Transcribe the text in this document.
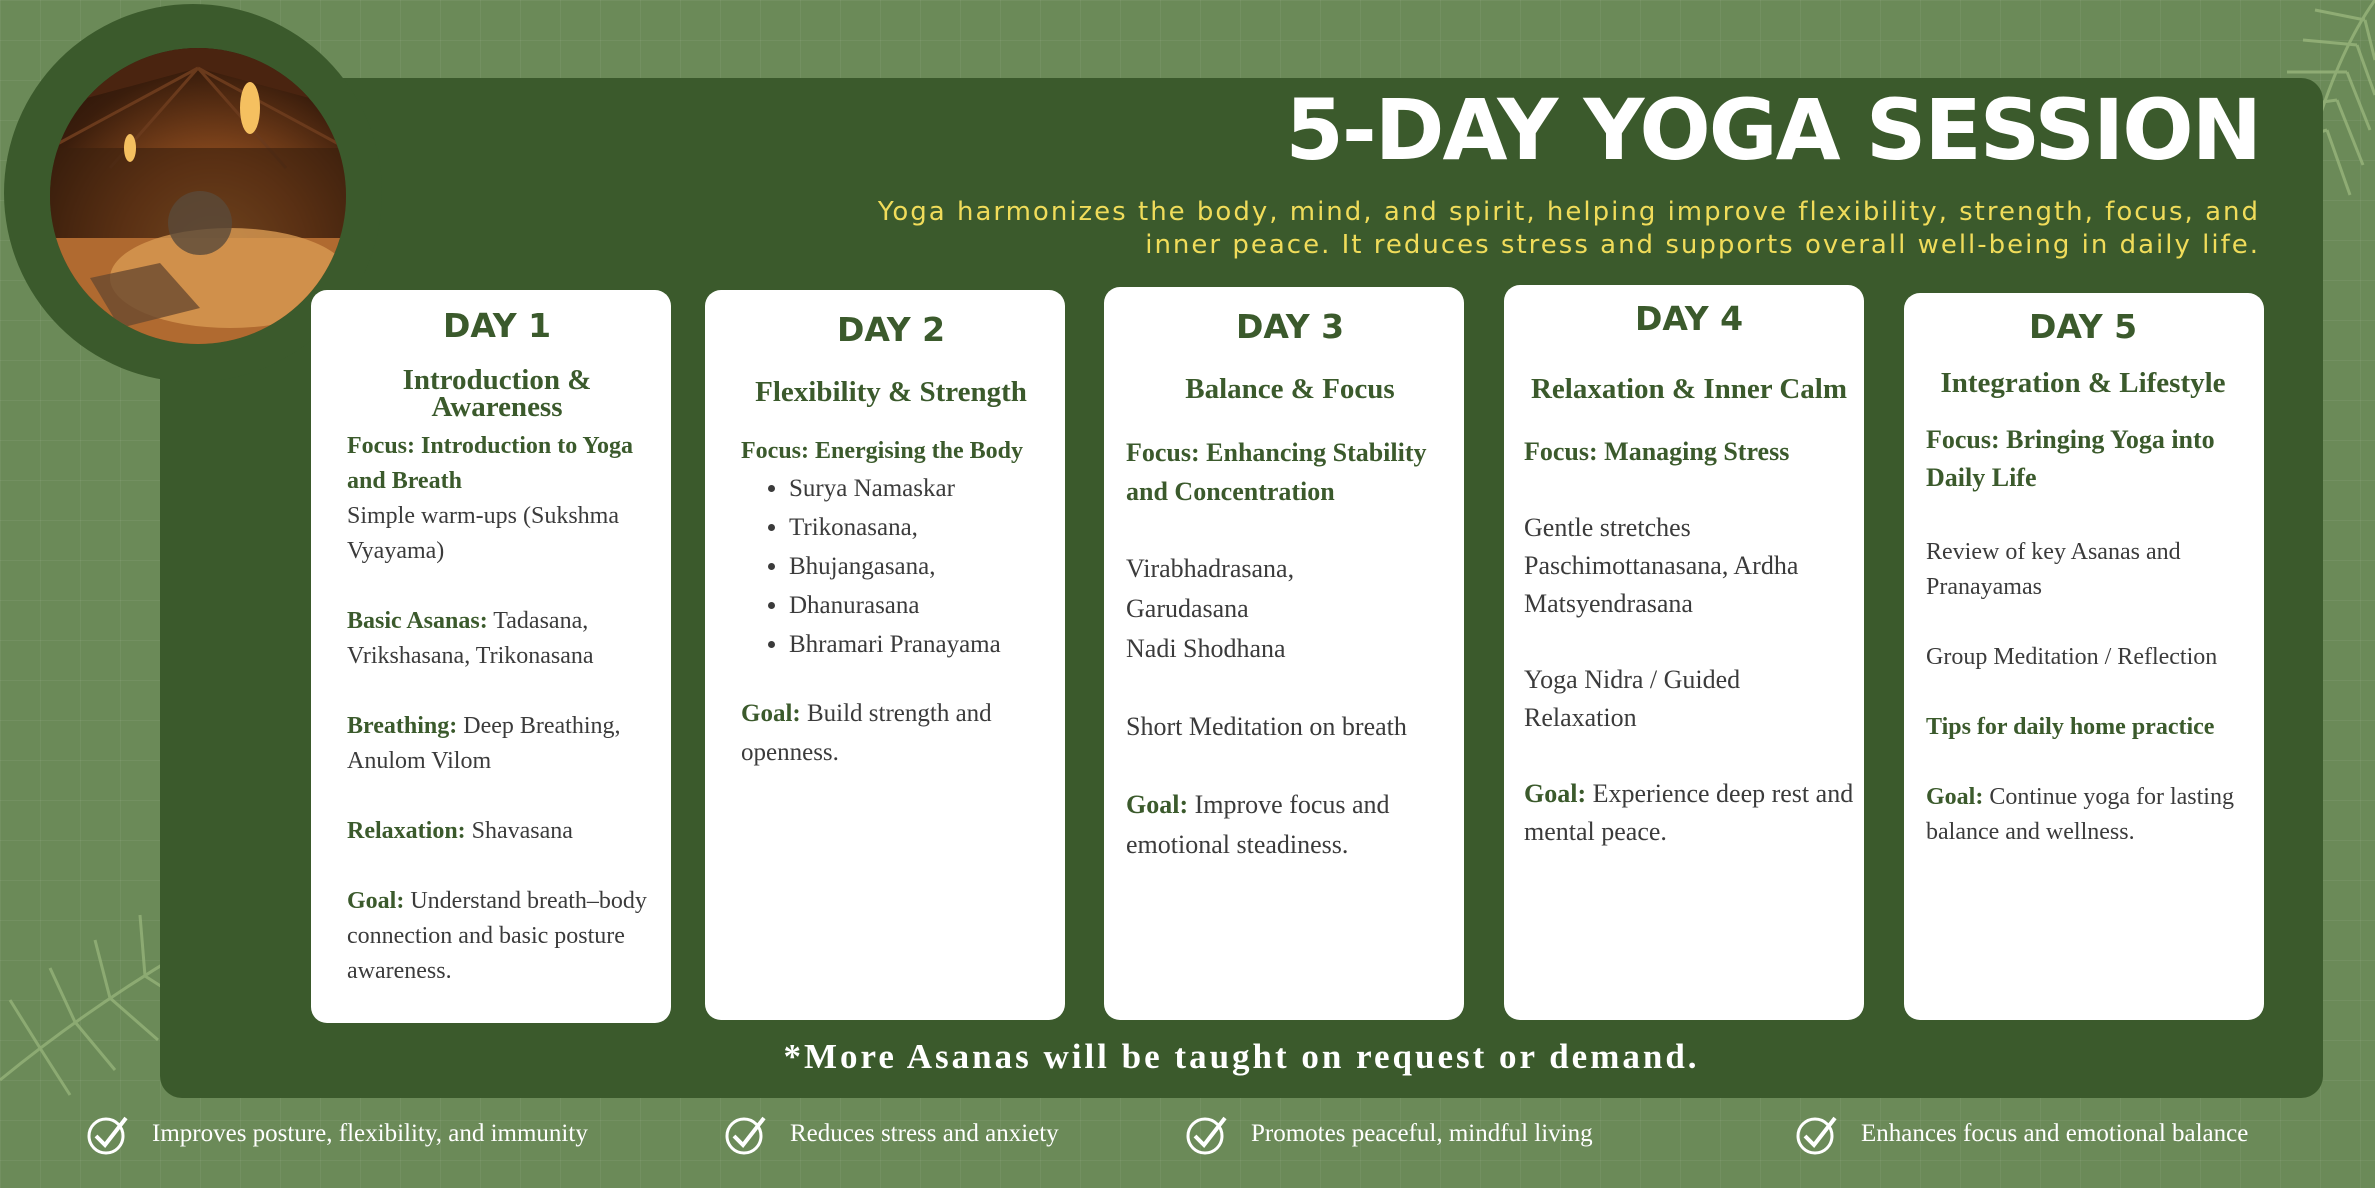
5-DAY YOGA SESSION

Yoga harmonizes the body, mind, and spirit, helping improve flexibility, strength, focus, and inner peace. It reduces stress and supports overall well-being in daily life.

DAY 1
Introduction & Awareness

Focus: Introduction to Yoga and Breath

Simple warm-ups (Sukshma Vyayama)

Basic Asanas: Tadasana, Vrikshasana, Trikonasana

Breathing: Deep Breathing, Anulom Vilom

Relaxation: Shavasana

Goal: Understand breath–body connection and basic posture awareness.

DAY 2
Flexibility & Strength

Focus: Energising the Body

• Surya Namaskar
• Trikonasana,
• Bhujangasana,
• Dhanurasana
• Bhramari Pranayama

Goal: Build strength and openness.

DAY 3
Balance & Focus

Focus: Enhancing Stability and Concentration

Virabhadrasana,

Garudasana

Nadi Shodhana

Short Meditation on breath

Goal: Improve focus and emotional steadiness.

DAY 4
Relaxation & Inner Calm

Focus: Managing Stress

Gentle stretches Paschimottanasana, Ardha Matsyendrasana

Yoga Nidra / Guided Relaxation

Goal: Experience deep rest and mental peace.

DAY 5
Integration & Lifestyle

Focus: Bringing Yoga into Daily Life

Review of key Asanas and Pranayamas

Group Meditation / Reflection

Tips for daily home practice

Goal: Continue yoga for lasting balance and wellness.

*More Asanas will be taught on request or demand.
Improves posture, flexibility, and immunity	Reduces stress and anxiety	Promotes peaceful, mindful living	Enhances focus and emotional balance
